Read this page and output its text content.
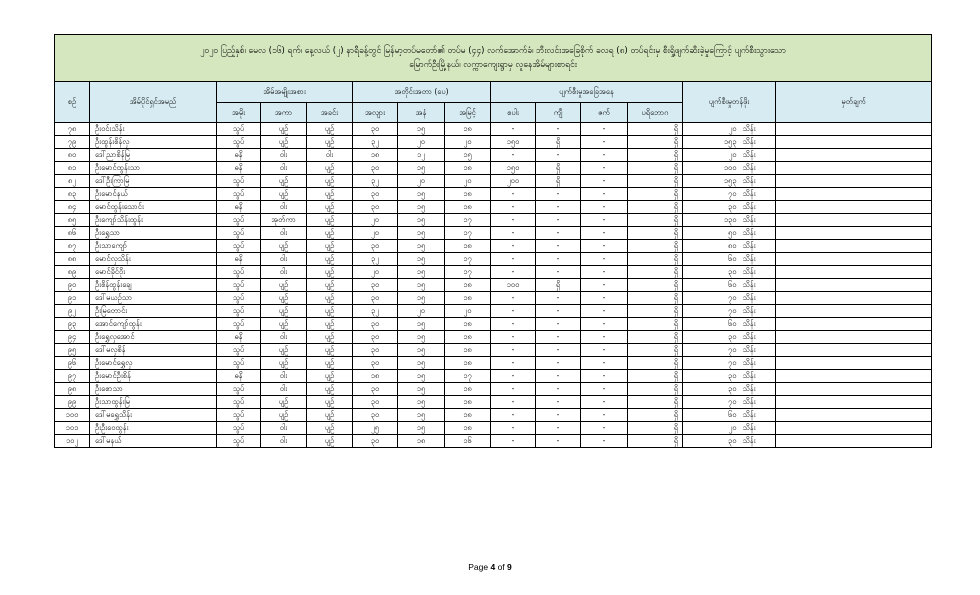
၂၀၂၀ ပြည့်နှစ်၊ မေလ (၁၆) ရက်၊ နေ့လယ် (၂) နာရီခန့်တွင် မြန်မာ့တပ်မတော်၏ တပ်မ (၄၄) လက်အောက်ခံ၊ ဘီးလင်းအခြေစိုက် ခလရ (၈) တပ်ရင်းမှ စီးရှို့ဖျက်ဆီးခဲ့မှုကြောင့် ပျက်စီးသွားသော
မြောက်ဦးမြို့နယ်၊ လက္ကာကျေးရွာမှ လူနေအိမ်များစာရင်း													

စဉ်	အိမ်ပိုင်ရှင်အမည်	အိမ်အမျိုးအစား			အတိုင်းအတာ (ပေ)			ပျက်စီးမှုအခြေအနေ				ပျက်စီးမှုတန်ဖိုး	မှတ်ချက်
		အမိုး	အကာ	အခင်း	အလျား	အနံ	အမြင့်	စပါး	ကျီ	ဇက်	ပရိဘောဂ		
၇၈	ဦးဝင်းသိန်း	သွပ်	ပျဉ်	ပျဉ်	၃၀	၁၅	၁၈	-	-	-	ရှိ	၂၀ သိန်း	
၇၉	ဦးထွန်းစိန်လှ	သွပ်	ပျဉ်	ပျဉ်	၃၂	၂၀	၂၀	၁၅၀	ရှိ	-	ရှိ	၁၅၃ သိန်း	
၈၀	ဒေါ်ညာစိန်မြ	ဓနိ	ဝါး	ဝါး	၁၈	၁၂	၁၅	-	-	-	ရှိ	၂၀ သိန်း	
၈၁	ဦးမောင်ထွန်းသာ	ဓနိ	ဝါး	ပျဉ်	၃၀	၁၅	၁၈	၁၅၀	ရှိ	-	ရှိ	၁၀၀ သိန်း	
၈၂	ဒေါ်ဦးကြာမြ	သွပ်	ပျဉ်	ပျဉ်	၃၂	၂၀	၂၀	၂၀၀	ရှိ	-	ရှိ	၁၅၃ သိန်း	
၈၃	ဦးမောင်နယ်	သွပ်	ပျဉ်	ပျဉ်	၃၀	၁၅	၁၈	-	-	-	ရှိ	၇၀ သိန်း	
၈၄	မောင်ထွန်းသောင်း	ဓနိ	ဝါး	ပျဉ်	၃၀	၁၅	၁၈	-	-	-	ရှိ	၃၀ သိန်း	
၈၅	ဦးကျော်သိန်းထွန်း	သွပ်	အုတ်ကာ	ပျဉ်	၂၀	၁၅	၁၇	-	-	-	ရှိ	၁၃၀ သိန်း	
၈၆	ဦးရွှေသာ	သွပ်	ဝါး	ပျဉ်	၂၀	၁၅	၁၇	-	-	-	ရှိ	၅၀ သိန်း	
၈၇	ဦးသာကျော်	သွပ်	ပျဉ်	ပျဉ်	၃၀	၁၅	၁၈	-	-	-	ရှိ	၈၀ သိန်း	
၈၈	မောင်လှသိန်း	ဓနိ	ဝါး	ပျဉ်	၃၂	၁၅	၁၇	-	-	-	ရှိ	၆၀ သိန်း	
၈၉	မောင်ခိုင်ဝိုး	သွပ်	ဝါး	ပျဉ်	၂၀	၁၅	၁၇	-	-	-	ရှိ	၃၀ သိန်း	
၉၀	ဦးစိန်ထွန်းချေ	သွပ်	ပျဉ်	ပျဉ်	၃၀	၁၅	၁၈	၁၀၀	ရှိ	-	ရှိ	၆၀ သိန်း	
၉၁	ဒေါ်မယဉ်သာ	သွပ်	ပျဉ်	ပျဉ်	၃၀	၁၅	၁၈	-	-	-	ရှိ	၇၀ သိန်း	
၉၂	ဦးမြတောင်း	သွပ်	ပျဉ်	ပျဉ်	၃၂	၂၀	၂၀	-	-	-	ရှိ	၇၀ သိန်း	
၉၃	အောင်ကျော်ထွန်း	သွပ်	ပျဉ်	ပျဉ်	၃၀	၁၅	၁၈	-	-	-	ရှိ	၆၀ သိန်း	
၉၄	ဦးရွှေလှအောင်	ဓနိ	ဝါး	ပျဉ်	၃၀	၁၅	၁၈	-	-	-	ရှိ	၃၀ သိန်း	
၉၅	ဒေါ်မလှစိန်	သွပ်	ပျဉ်	ပျဉ်	၃၀	၁၅	၁၈	-	-	-	ရှိ	၇၀ သိန်း	
၉၆	ဦးမောင်ရွှေလှ	သွပ်	ပျဉ်	ပျဉ်	၃၀	၁၅	၁၈	-	-	-	ရှိ	၇၀ သိန်း	
၉၇	ဦးမောင်ဦးစိန်	ဓနိ	ဝါး	ပျဉ်	၁၈	၁၅	၁၇	-	-	-	ရှိ	၃၀ သိန်း	
၉၈	ဦးစောသာ	သွပ်	ဝါး	ပျဉ်	၃၀	၁၅	၁၈	-	-	-	ရှိ	၃၀ သိန်း	
၉၉	ဦးသာထွန်းမြ	သွပ်	ပျဉ်	ပျဉ်	၃၀	၁၅	၁၈	-	-	-	ရှိ	၇၀ သိန်း	
၁၀၀	ဒေါ်မရွှေသိန်း	သွပ်	ပျဉ်	ပျဉ်	၃၀	၁၅	၁၈	-	-	-	ရှိ	၆၀ သိန်း	
၁၀၁	ဦးဦးဝေထွန်း	သွပ်	ဝါး	ပျဉ်	၂၅	၁၅	၁၈	-	-	-	ရှိ	၂၀ သိန်း	
၁၀၂	ဒေါ်မနယ်	သွပ်	ဝါး	ပျဉ်	၃၀	၁၈	၁၆	-	-	-	ရှိ	၃၀ သိန်း	
Page 4 of 9
